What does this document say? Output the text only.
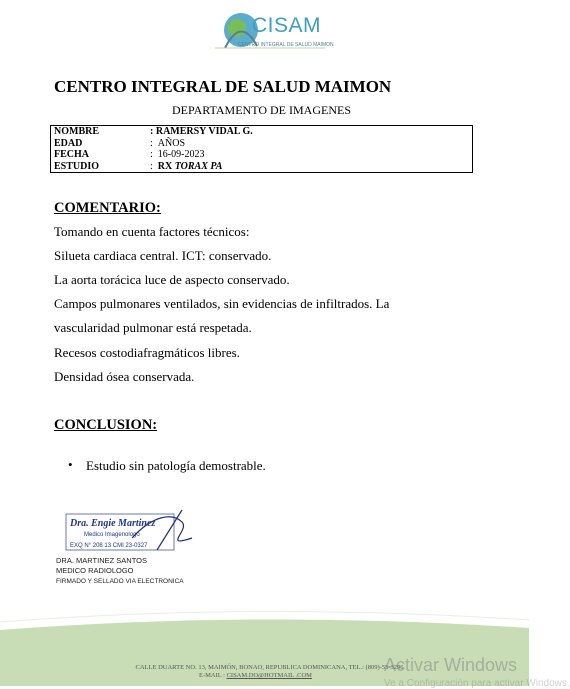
CISAM
CENTRO INTEGRAL DE SALUD MAIMON
CENTRO INTEGRAL DE SALUD MAIMON
DEPARTAMENTO DE IMAGENES
NOMBRE	: RAMERSY VIDAL G.
EDAD	: AÑOS
FECHA	: 16-09-2023
ESTUDIO	: RX TORAX PA
COMENTARIO:
Tomando en cuenta factores técnicos:
Silueta cardiaca central. ICT: conservado.
La aorta torácica luce de aspecto conservado.
Campos pulmonares ventilados, sin evidencias de infiltrados. La
vascularidad pulmonar está respetada.
Recesos costodiafragmáticos libres.
Densidad ósea conservada.
CONCLUSION:
• Estudio sin patología demostrable.
Dra. Engie Martinez
Medico Imagenologo
EXQ N° 208 13 CMI 23-0327
DRA. MARTINEZ SANTOS
MEDICO RADIOLOGO
FIRMADO Y SELLADO VIA ELECTRONICA
CALLE DUARTE NO. 13, MAIMÓN, BONAO, REPUBLICA DOMINICANA, TEL.: (809)-55-3296
E-MAIL : CISAM.DO@HOTMAIL .COM
Activar Windows
Ve a Configuración para activar Windows.
